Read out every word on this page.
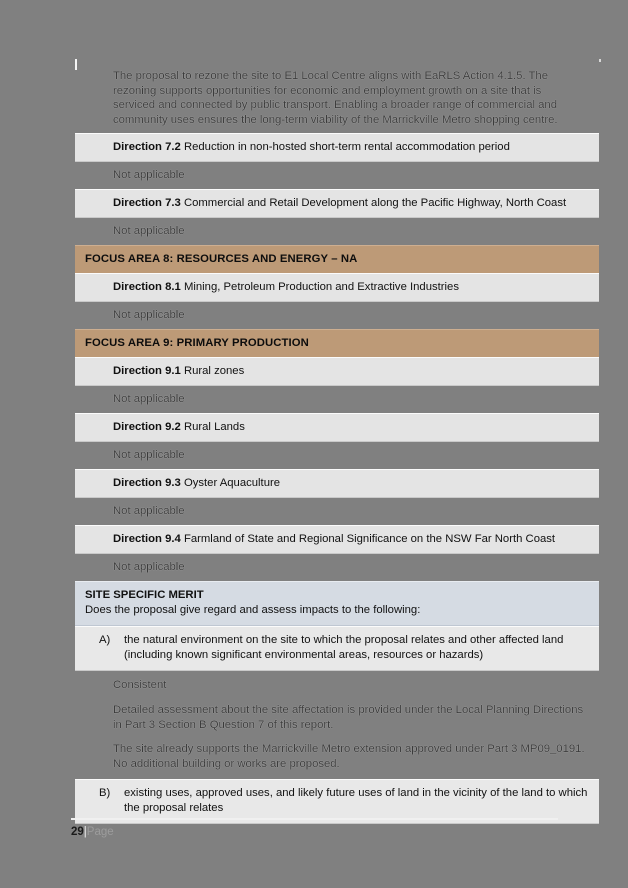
The proposal to rezone the site to E1 Local Centre aligns with EaRLS Action 4.1.5. The rezoning supports opportunities for economic and employment growth on a site that is serviced and connected by public transport. Enabling a broader range of commercial and community uses ensures the long-term viability of the Marrickville Metro shopping centre.

Direction 7.2 Reduction in non-hosted short-term rental accommodation period
Not applicable
Direction 7.3 Commercial and Retail Development along the Pacific Highway, North Coast
Not applicable
FOCUS AREA 8: RESOURCES AND ENERGY – NA
Direction 8.1 Mining, Petroleum Production and Extractive Industries
Not applicable
FOCUS AREA 9: PRIMARY PRODUCTION
Direction 9.1 Rural zones
Not applicable
Direction 9.2 Rural Lands
Not applicable
Direction 9.3 Oyster Aquaculture
Not applicable
Direction 9.4 Farmland of State and Regional Significance on the NSW Far North Coast
Not applicable
SITE SPECIFIC MERIT
Does the proposal give regard and assess impacts to the following:
A)	the natural environment on the site to which the proposal relates and other affected land (including known significant environmental areas, resources or hazards)

Consistent

Detailed assessment about the site affectation is provided under the Local Planning Directions in Part 3 Section B Question 7 of this report.

The site already supports the Marrickville Metro extension approved under Part 3 MP09_0191. No additional building or works are proposed.

B)	existing uses, approved uses, and likely future uses of land in the vicinity of the land to which the proposal relates
29|Page
